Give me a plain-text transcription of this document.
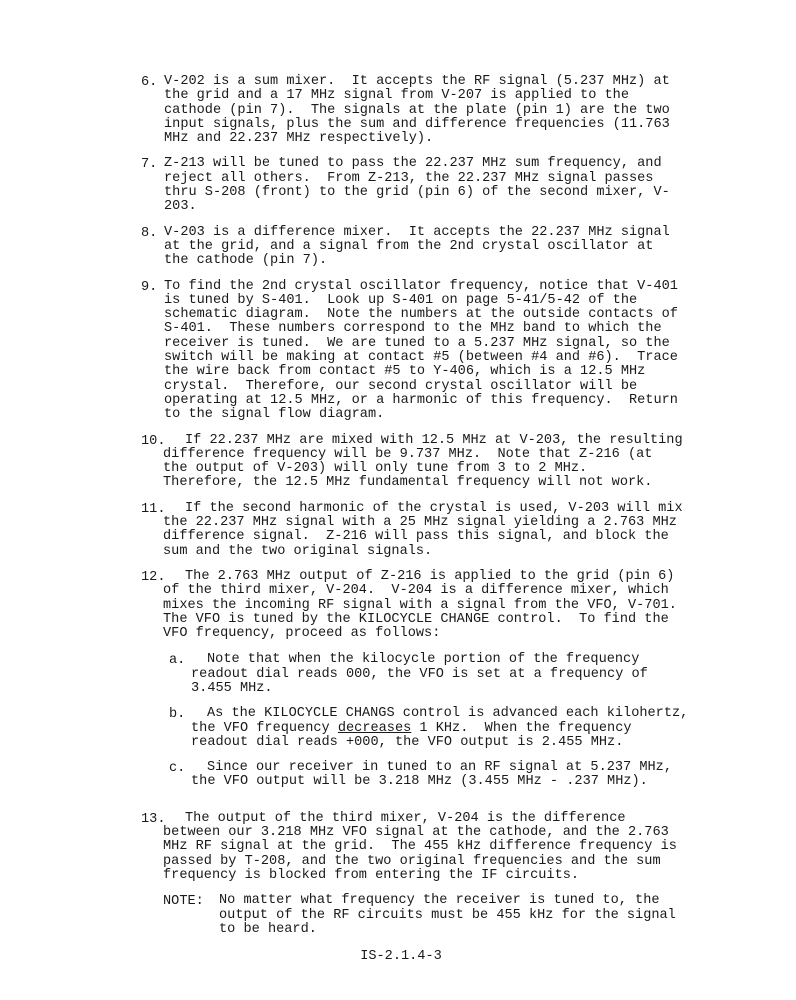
6. V-202 is a sum mixer.  It accepts the RF signal (5.237 MHz) at
the grid and a 17 MHz signal from V-207 is applied to the
cathode (pin 7).  The signals at the plate (pin 1) are the two
input signals, plus the sum and difference frequencies (11.763
MHz and 22.237 MHz respectively).
7. Z-213 will be tuned to pass the 22.237 MHz sum frequency, and
reject all others.  From Z-213, the 22.237 MHz signal passes
thru S-208 (front) to the grid (pin 6) of the second mixer, V-
203.
8. V-203 is a difference mixer.  It accepts the 22.237 MHz signal
at the grid, and a signal from the 2nd crystal oscillator at
the cathode (pin 7).
9. To find the 2nd crystal oscillator frequency, notice that V-401
is tuned by S-401.  Look up S-401 on page 5-41/5-42 of the
schematic diagram.  Note the numbers at the outside contacts of
S-401.  These numbers correspond to the MHz band to which the
receiver is tuned.  We are tuned to a 5.237 MHz signal, so the
switch will be making at contact #5 (between #4 and #6).  Trace
the wire back from contact #5 to Y-406, which is a 12.5 MHz
crystal.  Therefore, our second crystal oscillator will be
operating at 12.5 MHz, or a harmonic of this frequency.  Return
to the signal flow diagram.
10. If 22.237 MHz are mixed with 12.5 MHz at V-203, the resulting
difference frequency will be 9.737 MHz.  Note that Z-216 (at
the output of V-203) will only tune from 3 to 2 MHz.
Therefore, the 12.5 MHz fundamental frequency will not work.
11. If the second harmonic of the crystal is used, V-203 will mix
the 22.237 MHz signal with a 25 MHz signal yielding a 2.763 MHz
difference signal.  Z-216 will pass this signal, and block the
sum and the two original signals.
12. The 2.763 MHz output of Z-216 is applied to the grid (pin 6)
of the third mixer, V-204.  V-204 is a difference mixer, which
mixes the incoming RF signal with a signal from the VFO, V-701.
The VFO is tuned by the KILOCYCLE CHANGE control.  To find the
VFO frequency, proceed as follows:
a. Note that when the kilocycle portion of the frequency
readout dial reads 000, the VFO is set at a frequency of
3.455 MHz.
b. As the KILOCYCLE CHANGS control is advanced each kilohertz,
the VFO frequency decreases 1 KHz.  When the frequency
readout dial reads +000, the VFO output is 2.455 MHz.
c. Since our receiver in tuned to an RF signal at 5.237 MHz,
the VFO output will be 3.218 MHz (3.455 MHz - .237 MHz).
13. The output of the third mixer, V-204 is the difference
between our 3.218 MHz VFO signal at the cathode, and the 2.763
MHz RF signal at the grid.  The 455 kHz difference frequency is
passed by T-208, and the two original frequencies and the sum
frequency is blocked from entering the IF circuits.
NOTE:	No matter what frequency the receiver is tuned to, the
output of the RF circuits must be 455 kHz for the signal
to be heard.
IS-2.1.4-3
